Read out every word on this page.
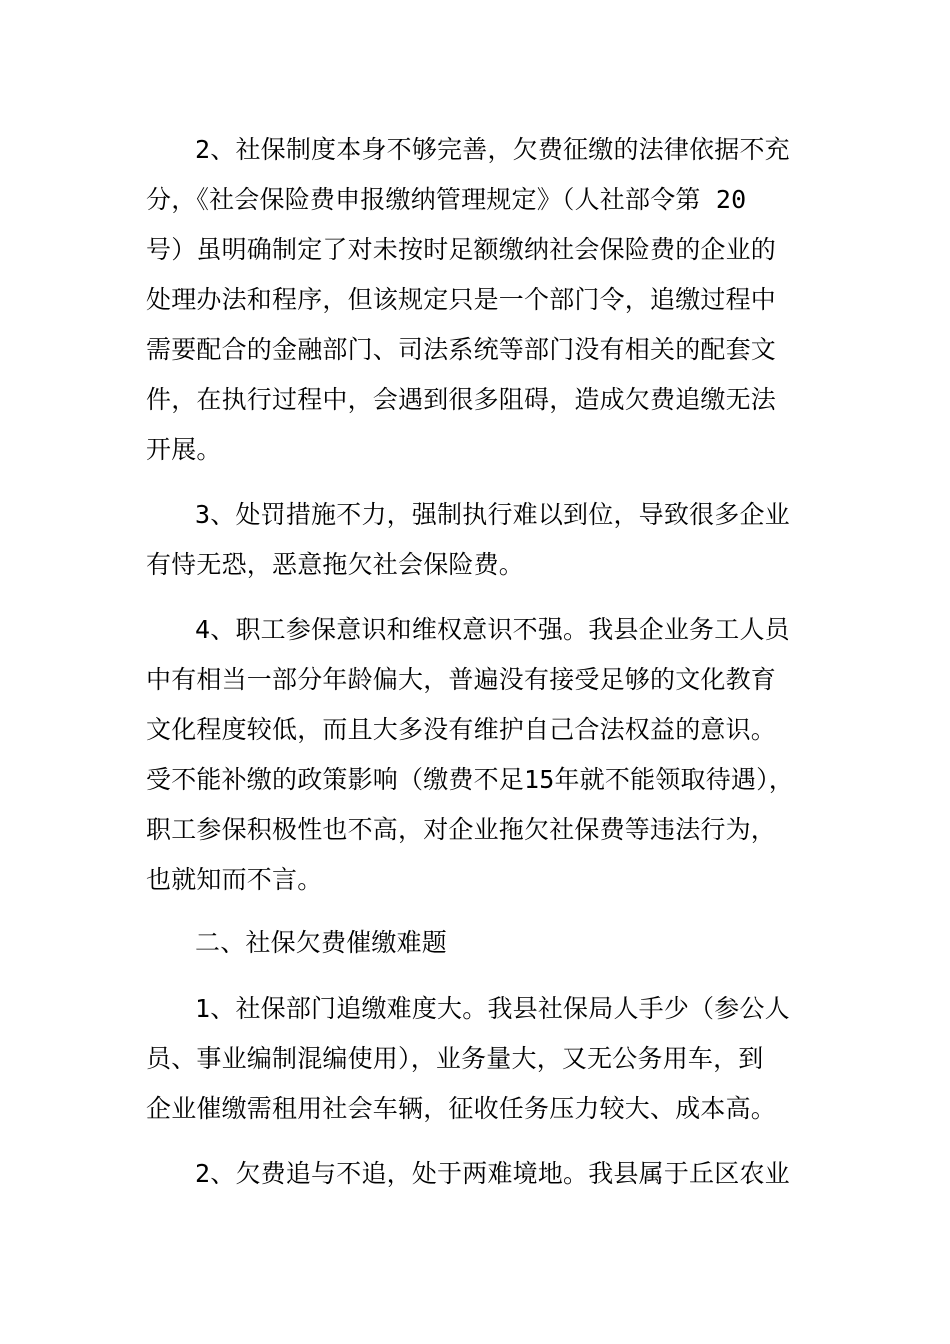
2、社保制度本身不够完善，欠费征缴的法律依据不充
分，《社会保险费申报缴纳管理规定》（人社部令第 20
号）虽明确制定了对未按时足额缴纳社会保险费的企业的
处理办法和程序，但该规定只是一个部门令，追缴过程中
需要配合的金融部门、司法系统等部门没有相关的配套文
件，在执行过程中，会遇到很多阻碍，造成欠费追缴无法
开展。
3、处罚措施不力，强制执行难以到位，导致很多企业
有恃无恐，恶意拖欠社会保险费。
4、职工参保意识和维权意识不强。我县企业务工人员
中有相当一部分年龄偏大，普遍没有接受足够的文化教育
文化程度较低，而且大多没有维护自己合法权益的意识。
受不能补缴的政策影响（缴费不足15年就不能领取待遇），
职工参保积极性也不高，对企业拖欠社保费等违法行为，
也就知而不言。
二、社保欠费催缴难题
1、社保部门追缴难度大。我县社保局人手少（参公人
员、事业编制混编使用），业务量大，又无公务用车，到
企业催缴需租用社会车辆，征收任务压力较大、成本高。
2、欠费追与不追，处于两难境地。我县属于丘区农业
